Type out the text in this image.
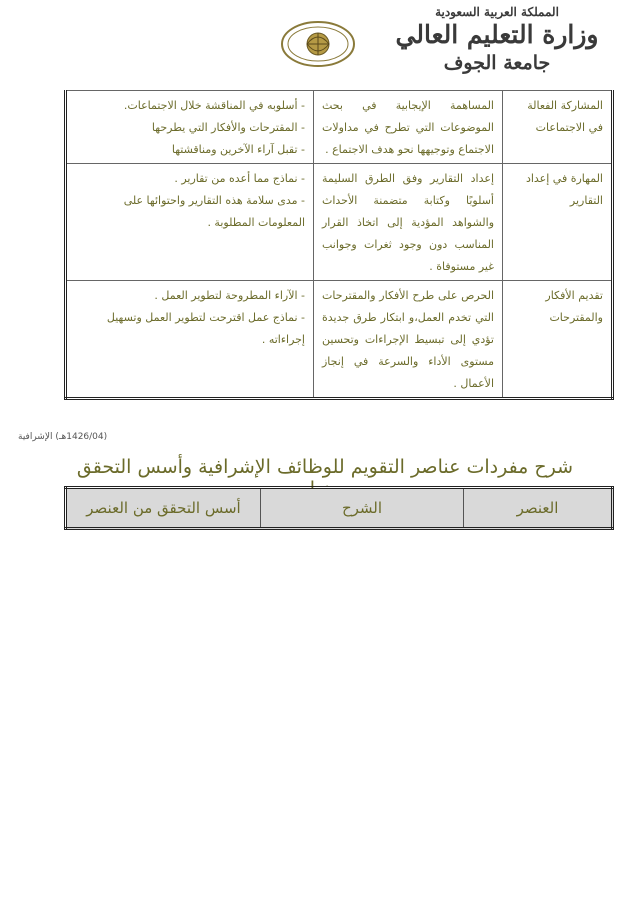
المملكة العربية السعودية
وزارة التعليم العالي
جامعة الجوف
المشاركة الفعالة في الاجتماعات	المساهمة الإيجابية في بحث الموضوعات التي تطرح في مداولات الاجتماع وتوجيهها نحو هدف الاجتماع .	- أسلوبه في المناقشة خلال الاجتماعات.
- المقترحات والأفكار التي يطرحها
- تقبل آراء الآخرين ومناقشتها

المهارة في إعداد التقارير	إعداد التقارير وفق الطرق السليمة أسلوبًا وكتابة متضمنة الأحداث والشواهد المؤدية إلى اتخاذ القرار المناسب دون وجود ثغرات وجوانب غير مستوفاة .	- نماذج مما أعده من تقارير .
- مدى سلامة هذه التقارير واحتوائها على المعلومات المطلوبة .

تقديم الأفكار والمقترحات	الحرص على طرح الأفكار والمقترحات التي تخدم العمل،و ابتكار طرق جديدة تؤدي إلى تبسيط الإجراءات وتحسين مستوى الأداء والسرعة في إنجاز الأعمال .	- الآراء المطروحة لتطوير العمل .
- نماذج عمل اقترحت لتطوير العمل وتسهيل إجراءاته .
(1426/04هـ) الإشرافية
شرح مفردات عناصر التقويم للوظائف الإشرافية وأسس التحقق
العنصر	الشرح	أسس التحقق من العنصر
